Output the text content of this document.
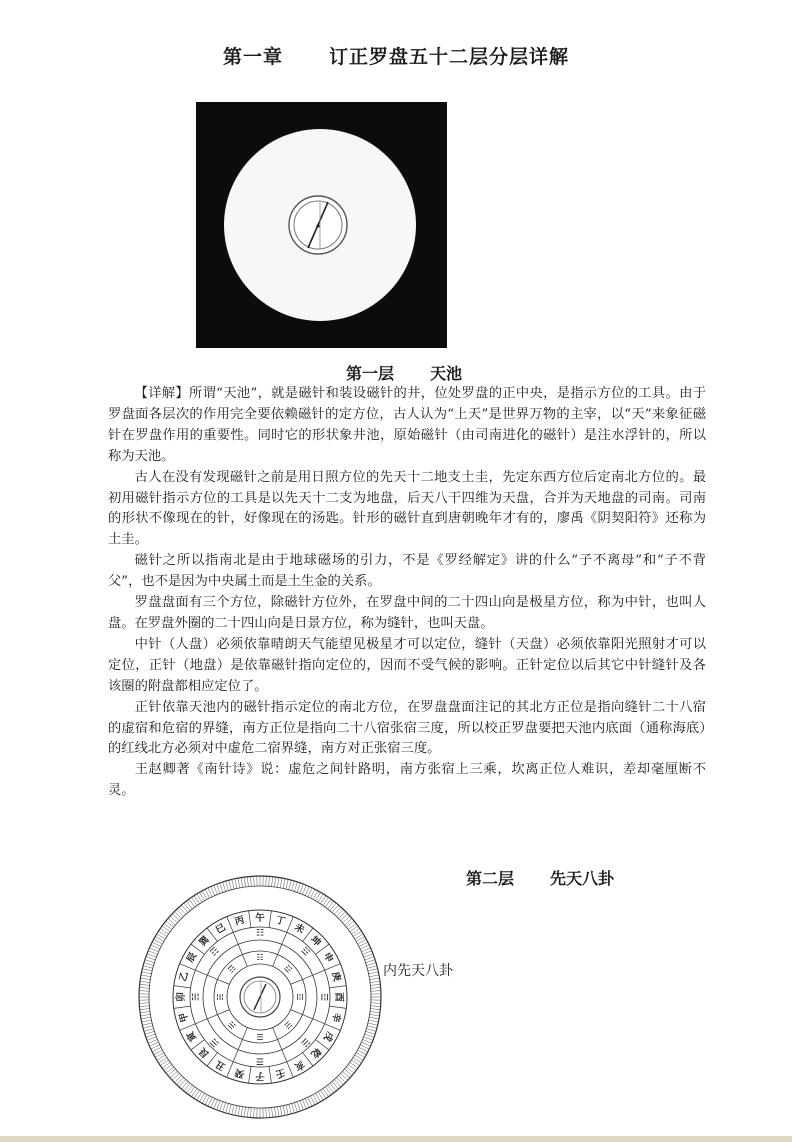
第一章 订正罗盘五十二层分层详解
第一层 天池

【详解】所谓“天池”，就是磁针和装设磁针的井，位处罗盘的正中央，是指示方位的工具。由于罗盘面各层次的作用完全要依赖磁针的定方位，古人认为“上天”是世界万物的主宰，以“天”来象征磁针在罗盘作用的重要性。同时它的形状象井池，原始磁针（由司南进化的磁针）是注水浮针的，所以称为天池。

古人在没有发现磁针之前是用日照方位的先天十二地支土圭，先定东西方位后定南北方位的。最初用磁针指示方位的工具是以先天十二支为地盘，后天八干四维为天盘，合并为天地盘的司南。司南的形状不像现在的针，好像现在的汤匙。针形的磁针直到唐朝晚年才有的，廖禹《阴契阳符》还称为土圭。

磁针之所以指南北是由于地球磁场的引力，不是《罗经解定》讲的什么“子不离母”和“子不背父”，也不是因为中央属土而是土生金的关系。

罗盘盘面有三个方位，除磁针方位外，在罗盘中间的二十四山向是极星方位，称为中针，也叫人盘。在罗盘外圈的二十四山向是日景方位，称为缝针，也叫天盘。

中针（人盘）必须依靠晴朗天气能望见极星才可以定位，缝针（天盘）必须依靠阳光照射才可以定位，正针（地盘）是依靠磁针指向定位的，因而不受气候的影响。正针定位以后其它中针缝针及各该圈的附盘都相应定位了。

正针依靠天池内的磁针指示定位的南北方位，在罗盘盘面注记的其北方正位是指向缝针二十八宿的虚宿和危宿的界缝，南方正位是指向二十八宿张宿三度，所以校正罗盘要把天池内底面（通称海底）的红线北方必须对中虚危二宿界缝，南方对正张宿三度。

王赵卿著《南针诗》说：虚危之间针路明，南方张宿上三乘，坎离正位人难识，差却毫厘断不灵。

第二层 先天八卦
丁
未
坤
申
庚
酉
辛
戌
乾
亥
壬
子
癸
丑
艮
寅
甲
卯
乙
辰
巽
巳
丙 午
☷
☳
☲
☱
☰
☴
☵
☶	☷
☳
☲
☱
☰
☴
☵
☶	内先天八卦
